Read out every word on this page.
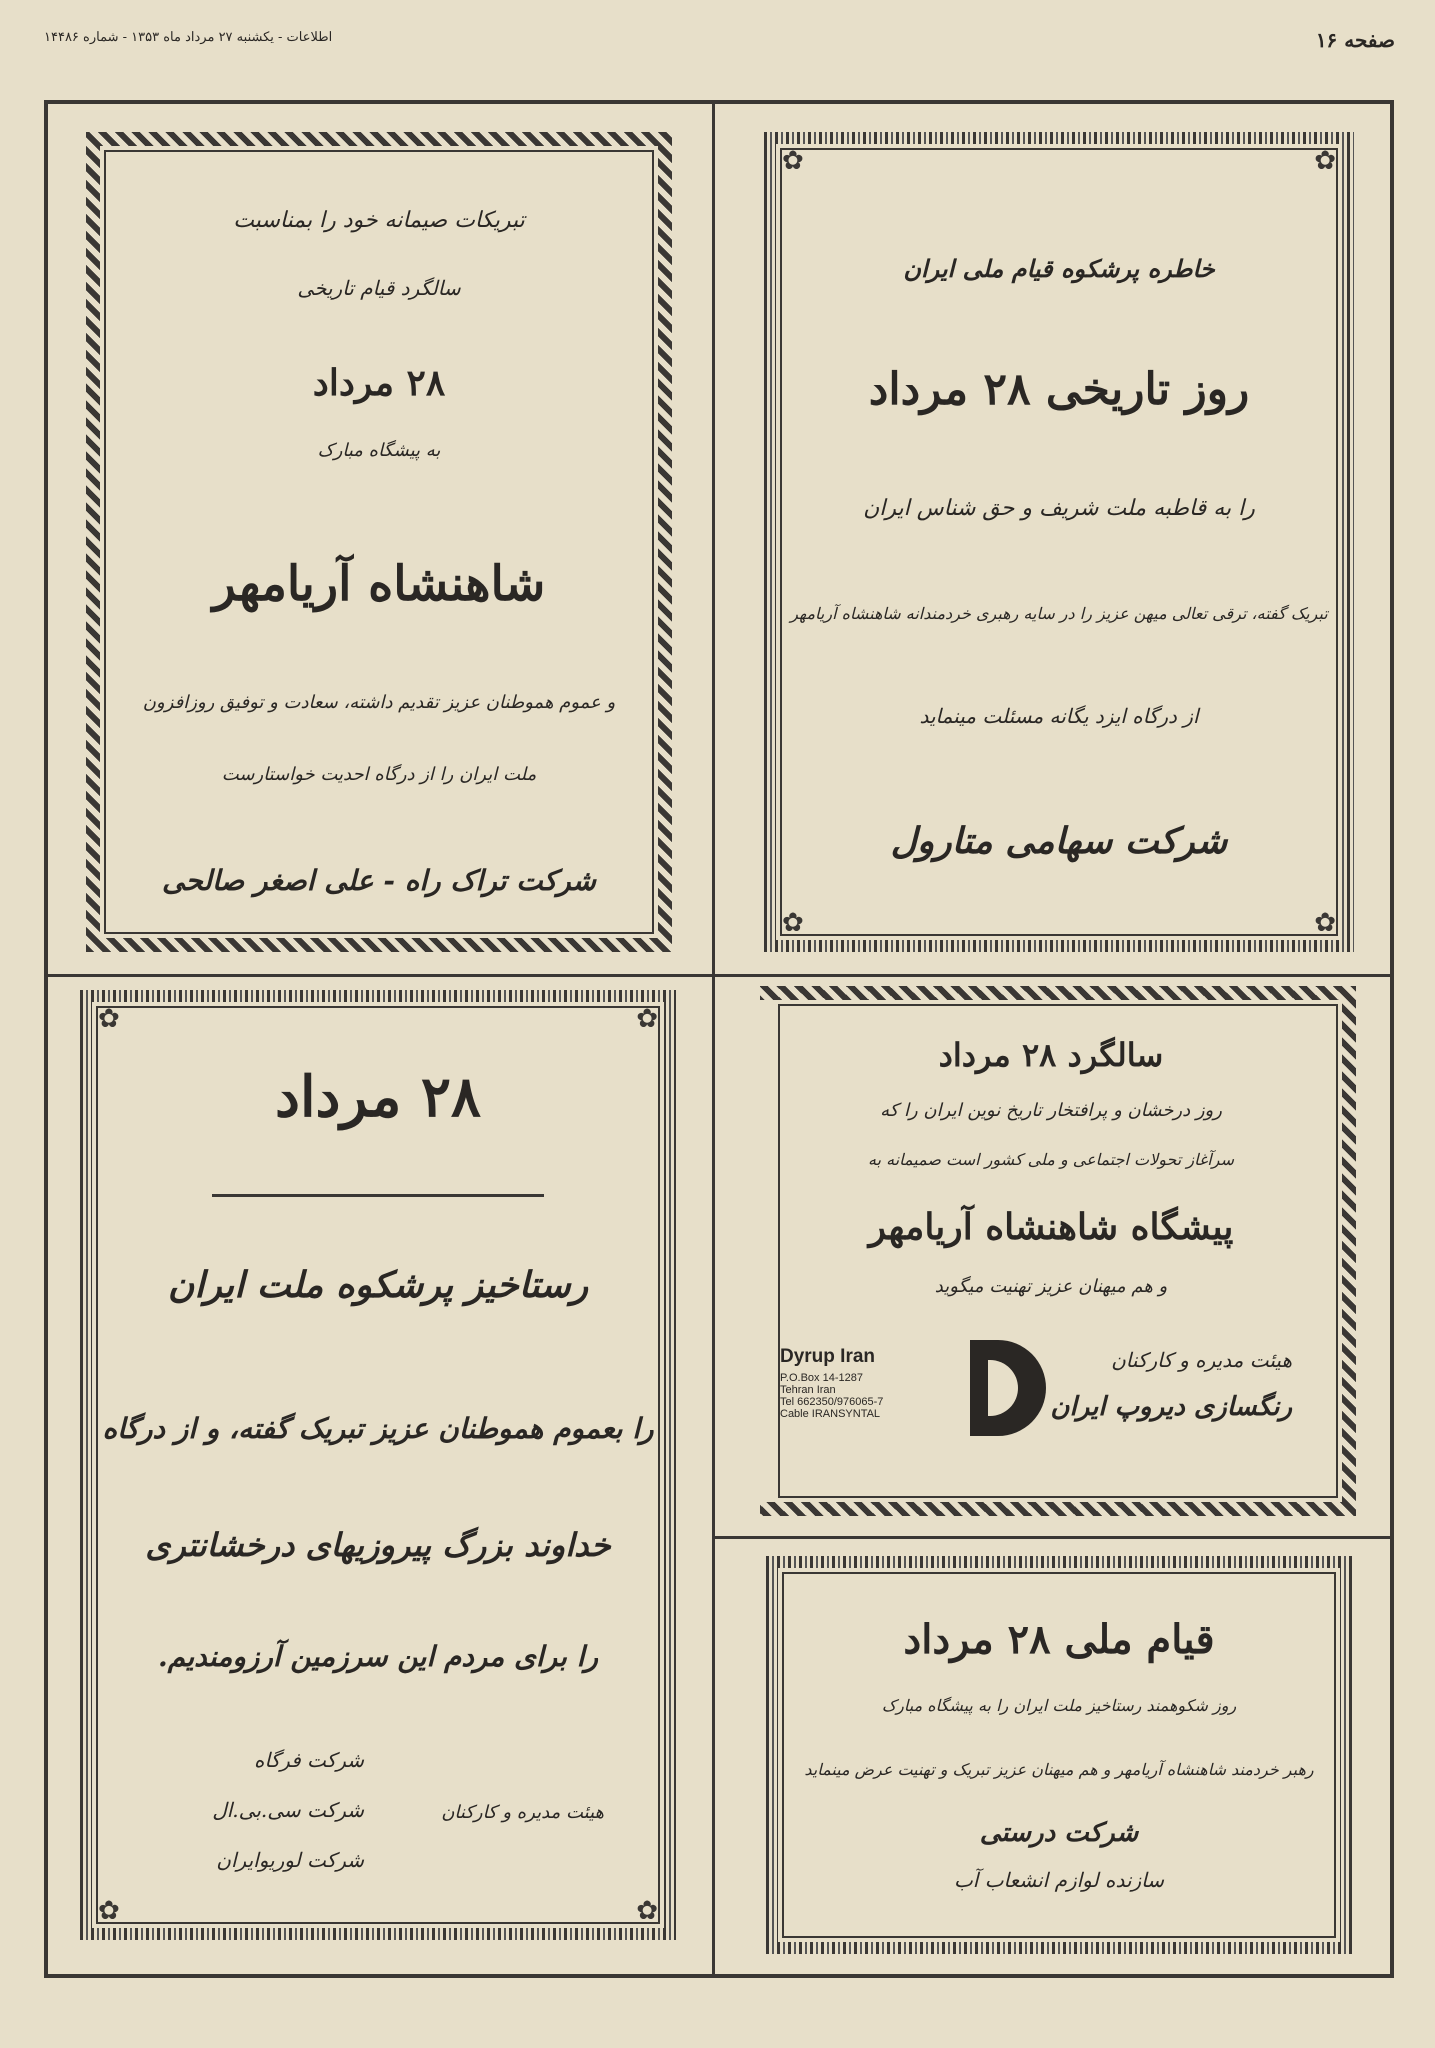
صفحه ۱۶
اطلاعات - یکشنبه ۲۷ مرداد ماه ۱۳۵۳ - شماره ۱۴۴۸۶
تبریکات صیمانه خود را بمناسبت
سالگرد قیام تاریخی
۲۸ مرداد
به پیشگاه مبارک
شاهنشاه آریامهر
و عموم هموطنان عزیز تقدیم داشته، سعادت و توفیق روزافزون
ملت ایران را از درگاه احدیت خواستارست
شرکت تراک راه - علی اصغر صالحی
✿	✿
✿	✿
خاطره پرشکوه قیام ملی ایران
روز تاریخی ۲۸ مرداد
را به قاطبه ملت شریف و حق شناس ایران
تبریک گفته، ترقی تعالی میهن عزیز را در سایه رهبری خردمندانه شاهنشاه آریامهر
از درگاه ایزد یگانه مسئلت مینماید
شرکت سهامی متارول
✿	✿
✿	✿
۲۸ مرداد
رستاخیز پرشکوه ملت ایران
را بعموم هموطنان عزیز تبریک گفته، و از درگاه
خداوند بزرگ پیروزیهای درخشانتری
را برای مردم این سرزمین آرزومندیم.
شرکت فرگاه
شرکت سی.بی.ال
شرکت لوریوایران
هیئت مدیره و کارکنان
سالگرد ۲۸ مرداد
روز درخشان و پرافتخار تاریخ نوین ایران را که
سرآغاز تحولات اجتماعی و ملی کشور است صمیمانه به
پیشگاه شاهنشاه آریامهر
و هم میهنان عزیز تهنیت میگوید
هیئت مدیره و کارکنان
رنگسازی دیروپ ایران
Dyrup Iran
P.O.Box 14-1287
Tehran Iran
Tel 662350/976065-7
Cable IRANSYNTAL
قیام ملی ۲۸ مرداد
روز شکوهمند رستاخیز ملت ایران را به پیشگاه مبارک
رهبر خردمند شاهنشاه آریامهر و هم میهنان عزیز تبریک و تهنیت عرض مینماید
شرکت درستی
سازنده لوازم انشعاب آب
